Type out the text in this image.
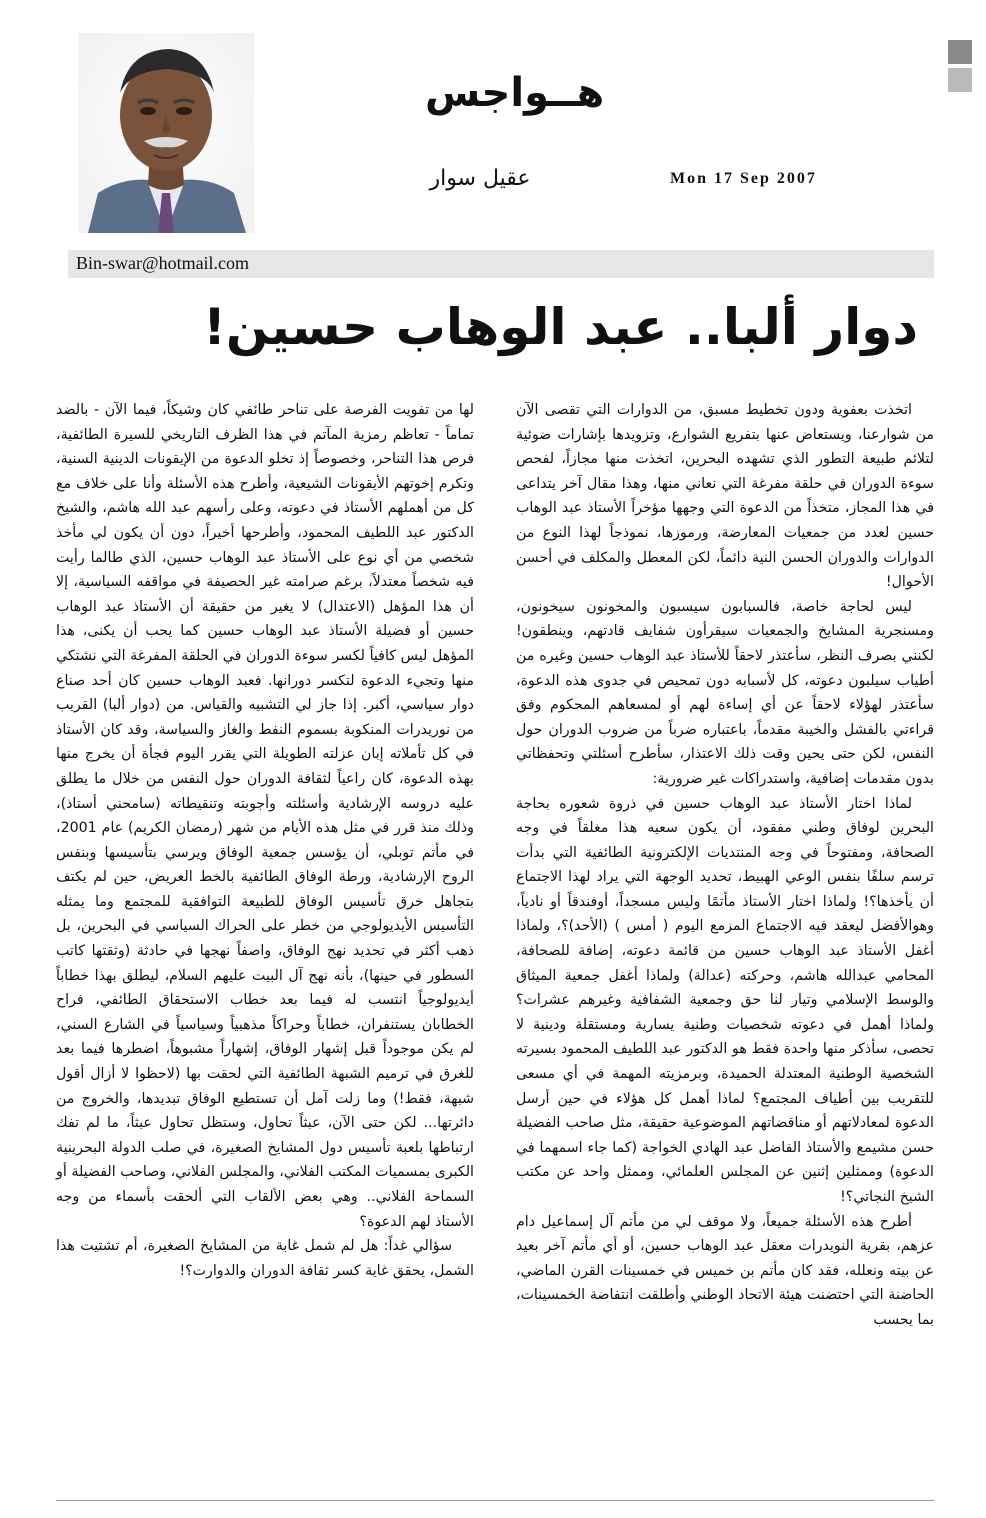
هــواجس
عقيل سوار	Mon 17 Sep 2007
Bin-swar@hotmail.com
دوار ألبا.. عبد الوهاب حسين!

اتخذت بعفوية ودون تخطيط مسبق، من الدوارات التي تقصى الآن من شوارعنا، ويستعاض عنها بتفريع الشوارع، وتزويدها بإشارات ضوئية لتلائم طبيعة التطور الذي تشهده البحرين، اتخذت منها مجازاً، لفحص سوءة الدوران في حلقة مفرغة التي نعاني منها، وهذا مقال آخر يتداعى في هذا المجاز، متخذاً من الدعوة التي وجهها مؤخراً الأستاذ عبد الوهاب حسين لعدد من جمعيات المعارضة، ورموزها، نموذجاً لهذا النوع من الدوارات والدوران الحسن النية دائماً، لكن المعطل والمكلف في أحسن الأحوال!

ليس لحاجة خاصة، فالسبابون سيسبون والمخونون سيخونون، ومسنجرية المشايخ والجمعيات سيقرأون شفايف قادتهم، وينطقون! لكنني بصرف النظر، سأعتذر لاحقاً للأستاذ عبد الوهاب حسين وغيره من أطياب سيلبون دعوته، كل لأسبابه دون تمحيص في جدوى هذه الدعوة، سأعتذر لهؤلاء لاحقاً عن أي إساءة لهم أو لمسعاهم المحكوم وفق قراءتي بالفشل والخيبة مقدماً، باعتباره ضرباً من ضروب الدوران حول النفس، لكن حتى يحين وقت ذلك الاعتذار، سأطرح أسئلتي وتحفظاتي بدون مقدمات إضافية، واستدراكات غير ضرورية:

لماذا اختار الأستاذ عبد الوهاب حسين في ذروة شعوره بحاجة البحرين لوفاق وطني مفقود، أن يكون سعيه هذا مغلقاً في وجه الصحافة، ومفتوحاً في وجه المنتديات الإلكترونية الطائفية التي بدأت ترسم سلفًا بنفس الوعي الهبيط، تحديد الوجهة التي يراد لهذا الاجتماع أن يأخذها؟! ولماذا اختار الأستاذ مأتمًا وليس مسجداً، أوفندقاً أو نادياً، وهوالأفضل ليعقد فيه الاجتماع المزمع اليوم ( أمس ) (الأحد)؟، ولماذا أغفل الأستاذ عبد الوهاب حسين من قائمة دعوته، إضافة للصحافة، المحامي عبدالله هاشم، وحركته (عدالة) ولماذا أغفل جمعية الميثاق والوسط الإسلامي وتيار لنا حق وجمعية الشفافية وغيرهم عشرات؟ ولماذا أهمل في دعوته شخصيات وطنية يسارية ومستقلة ودينية لا تحصى، سأذكر منها واحدة فقط هو الدكتور عبد اللطيف المحمود بسيرته الشخصية الوطنية المعتدلة الحميدة، وبرمزيته المهمة في أي مسعى للتقريب بين أطياف المجتمع؟ لماذا أهمل كل هؤلاء في حين أرسل الدعوة لمعادلاتهم أو مناقضاتهم الموضوعية حقيقة، مثل صاحب الفضيلة حسن مشيمع والأستاذ الفاضل عبد الهادي الخواجة (كما جاء اسمهما في الدعوة) وممثلين إثنين عن المجلس العلمائي، وممثل واحد عن مكتب الشيخ النجاتي؟!

أطرح هذه الأسئلة جميعاً، ولا موقف لي من مأتم آل إسماعيل دام عزهم، بقرية النويدرات معقل عبد الوهاب حسين، أو أي مأتم آخر بعيد عن بيته ونعلله، فقد كان مأتم بن خميس في خمسينات القرن الماضي، الحاضنة التي احتضنت هيئة الاتحاد الوطني وأطلقت انتفاضة الخمسينات، بما يحسب

لها من تفويت الفرصة على تناحر طائفي كان وشيكاً، فيما الآن - بالضد تماماً - تعاظم رمزية المآتم في هذا الظرف التاريخي للسيرة الطائفية، فرص هذا التناحر، وخصوصاً إذ تخلو الدعوة من الإيقونات الدينية السنية، وتكرم إخوتهم الأيقونات الشيعية، وأطرح هذه الأسئلة وأنا على خلاف مع كل من أهملهم الأستاذ في دعوته، وعلى رأسهم عبد الله هاشم، والشيخ الدكتور عبد اللطيف المحمود، وأطرحها أخيراً، دون أن يكون لي مأخذ شخصي من أي نوع على الأستاذ عبد الوهاب حسين، الذي طالما رأيت فيه شخصاً معتدلاً، برغم صرامته غير الحصيفة في مواقفه السياسية، إلا أن هذا المؤهل (الاعتدال) لا يغير من حقيقة أن الأستاذ عبد الوهاب حسين أو فضيلة الأستاذ عبد الوهاب حسين كما يحب أن يكنى، هذا المؤهل ليس كافياً لكسر سوءة الدوران في الحلقة المفرغة التي نشتكي منها وتجيء الدعوة لتكسر دورانها. فعبد الوهاب حسين كان أحد صناع دوار سياسي، أكبر. إذا جاز لي التشبيه والقياس. من (دوار ألبا) القريب من نوريدرات المنكوبة بسموم النفط والغاز والسياسة، وقد كان الأستاذ في كل تأملاته إبان عزلته الطويلة التي يقرر اليوم فجأة أن يخرج منها بهذه الدعوة، كان راعياً لثقافة الدوران حول النفس من خلال ما يطلق عليه دروسه الإرشادية وأسئلته وأجوبته وتنقيطاته (سامحني أستاذ)، وذلك منذ قرر في مثل هذه الأيام من شهر (رمضان الكريم) عام 2001، في مأتم توبلي، أن يؤسس جمعية الوفاق ويرسي بتأسيسها وبنفس الروح الإرشادية، ورطة الوفاق الطائفية بالخط العريض، حين لم يكتف بتجاهل خرق تأسيس الوفاق للطبيعة التوافقية للمجتمع وما يمثله التأسيس الأيديولوجي من خطر على الحراك السياسي في البحرين، بل ذهب أكثر في تحديد نهج الوفاق، واصفاً نهجها في حادثة (وثقتها كاتب السطور في حينها)، بأنه نهج آل البيت عليهم السلام، ليطلق بهذا خطاباً أيديولوجياً انتسب له فيما بعد خطاب الاستحقاق الطائفي، فراح الخطابان يستنفران، خطاباً وحراكاً مذهبياً وسياسياً في الشارع السني، لم يكن موجوداً قبل إشهار الوفاق، إشهاراً مشبوهاً، اضطرها فيما بعد للغرق في ترميم الشبهة الطائفية التي لحقت بها (لاحظوا لا أزال أقول شبهة، فقط!) وما زلت آمل أن تستطيع الوفاق تبديدها، والخروج من دائرتها... لكن حتى الآن، عبثاً تحاول، وستظل تحاول عبثاً، ما لم تفك ارتباطها بلعبة تأسيس دول المشايخ الصغيرة، في صلب الدولة البحرينية الكبرى بمسميات المكتب الفلاني، والمجلس الفلاني، وصاحب الفضيلة أو السماحة الفلاني.. وهي بعض الألقاب التي ألحقت بأسماء من وجه الأستاذ لهم الدعوة؟

سؤالي غداً: هل لم شمل غابة من المشايخ الصغيرة، أم تشتيت هذا الشمل، يحقق غاية كسر ثقافة الدوران والدوارت؟!
